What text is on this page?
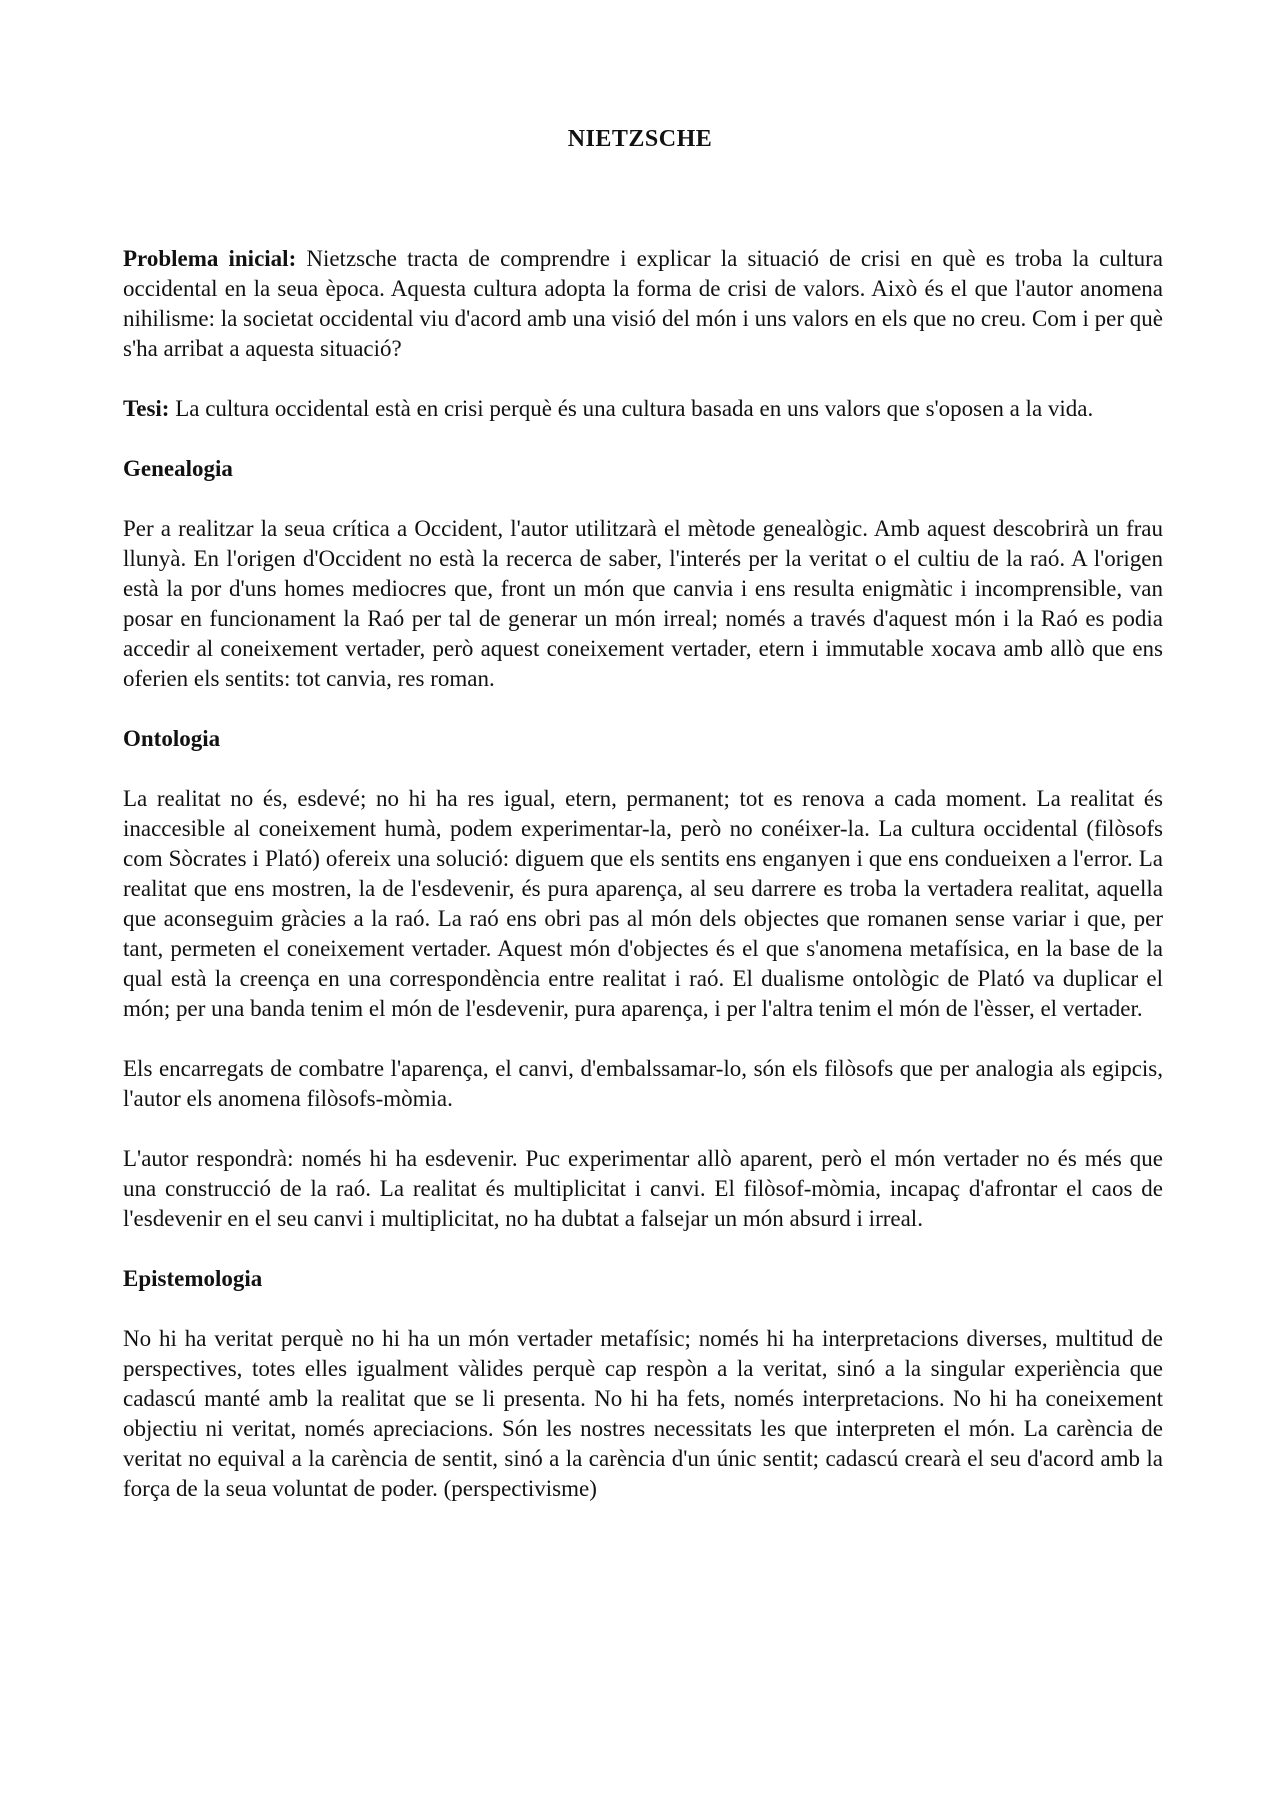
NIETZSCHE

Problema inicial: Nietzsche tracta de comprendre i explicar la situació de crisi en què es troba la cultura occidental en la seua època. Aquesta cultura adopta la forma de crisi de valors. Això és el que l'autor anomena nihilisme: la societat occidental viu d'acord amb una visió del món i uns valors en els que no creu. Com i per què s'ha arribat a aquesta situació?

Tesi: La cultura occidental està en crisi perquè és una cultura basada en uns valors que s'oposen a la vida.

Genealogia

Per a realitzar la seua crítica a Occident, l'autor utilitzarà el mètode genealògic. Amb aquest descobrirà un frau llunyà. En l'origen d'Occident no està la recerca de saber, l'interés per la veritat o el cultiu de la raó. A l'origen està la por d'uns homes mediocres que, front un món que canvia i ens resulta enigmàtic i incomprensible, van posar en funcionament la Raó per tal de generar un món irreal; només a través d'aquest món i la Raó es podia accedir al coneixement vertader, però aquest coneixement vertader, etern i immutable xocava amb allò que ens oferien els sentits: tot canvia, res roman.

Ontologia

La realitat no és, esdevé; no hi ha res igual, etern, permanent; tot es renova a cada moment. La realitat és inaccesible al coneixement humà, podem experimentar-la, però no conéixer-la. La cultura occidental (filòsofs com Sòcrates i Plató) ofereix una solució: diguem que els sentits ens enganyen i que ens condueixen a l'error. La realitat que ens mostren, la de l'esdevenir, és pura aparença, al seu darrere es troba la vertadera realitat, aquella que aconseguim gràcies a la raó. La raó ens obri pas al món dels objectes que romanen sense variar i que, per tant, permeten el coneixement vertader. Aquest món d'objectes és el que s'anomena metafísica, en la base de la qual està la creença en una correspondència entre realitat i raó. El dualisme ontològic de Plató va duplicar el món; per una banda tenim el món de l'esdevenir, pura aparença, i per l'altra tenim el món de l'èsser, el vertader.

Els encarregats de combatre l'aparença, el canvi, d'embalssamar-lo, són els filòsofs que per analogia als egipcis, l'autor els anomena filòsofs-mòmia.

L'autor respondrà: només hi ha esdevenir. Puc experimentar allò aparent, però el món vertader no és més que una construcció de la raó. La realitat és multiplicitat i canvi. El filòsof-mòmia, incapaç d'afrontar el caos de l'esdevenir en el seu canvi i multiplicitat, no ha dubtat a falsejar un món absurd i irreal.

Epistemologia

No hi ha veritat perquè no hi ha un món vertader metafísic; només hi ha interpretacions diverses, multitud de perspectives, totes elles igualment vàlides perquè cap respòn a la veritat, sinó a la singular experiència que cadascú manté amb la realitat que se li presenta. No hi ha fets, només interpretacions. No hi ha coneixement objectiu ni veritat, només apreciacions. Són les nostres necessitats les que interpreten el món. La carència de veritat no equival a la carència de sentit, sinó a la carència d'un únic sentit; cadascú crearà el seu d'acord amb la força de la seua voluntat de poder. (perspectivisme)
